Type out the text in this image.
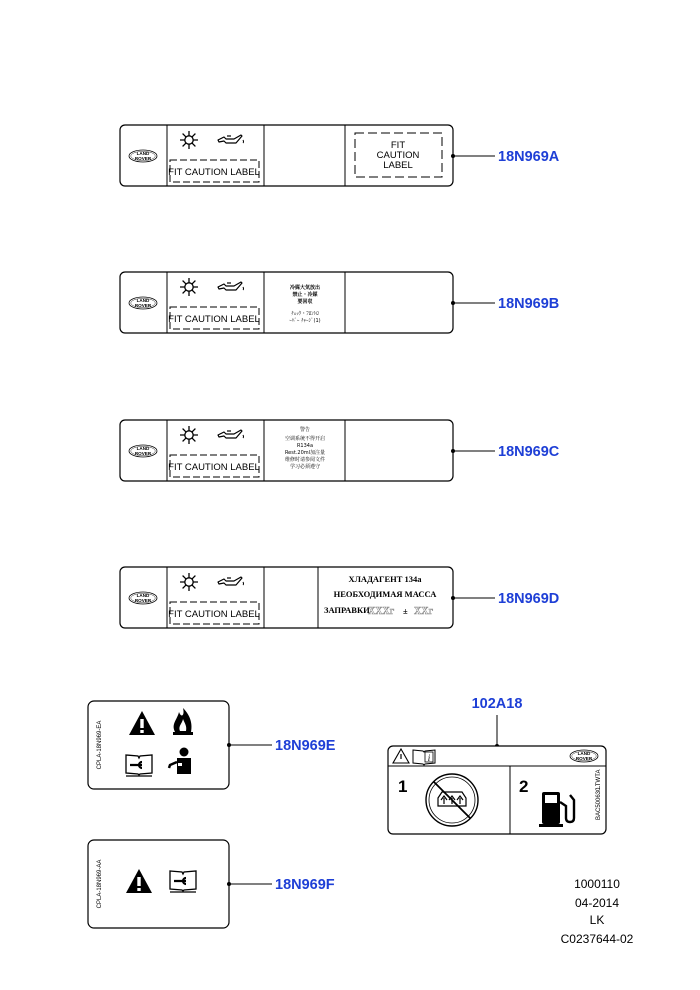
LAND
ROVER
FIT CAUTION LABEL
FIT
CAUTION
LABEL
18N969A
LAND
ROVER
FIT CAUTION LABEL
冷媒大気放出
禁止・冷媒
要回収
ﾁｪｯｸ・ﾌﾛﾝﾄﾛ
ｰﾊﾞｰ ﾁｬｰｼﾞ(1)
18N969B
LAND
ROVER
FIT CAUTION LABEL
警告
空调系统不得开启
R134a
Rest.20ml加注量
维修时请参阅文件
学习必须遵守
18N969C
LAND
ROVER
FIT CAUTION LABEL
ХЛАДАГЕНТ 134а
НЕОБХОДИМАЯ МАССА
ЗАПРАВКИ
XXXг ± XXг
18N969D
CPLA-18N969-EA	18N969E
CPLA-18N969-AA	18N969F
102A18
i	LAND
ROVER
1	2
BAC500630
LTWTA
1000110
04-2014
LK
C0237644-02
